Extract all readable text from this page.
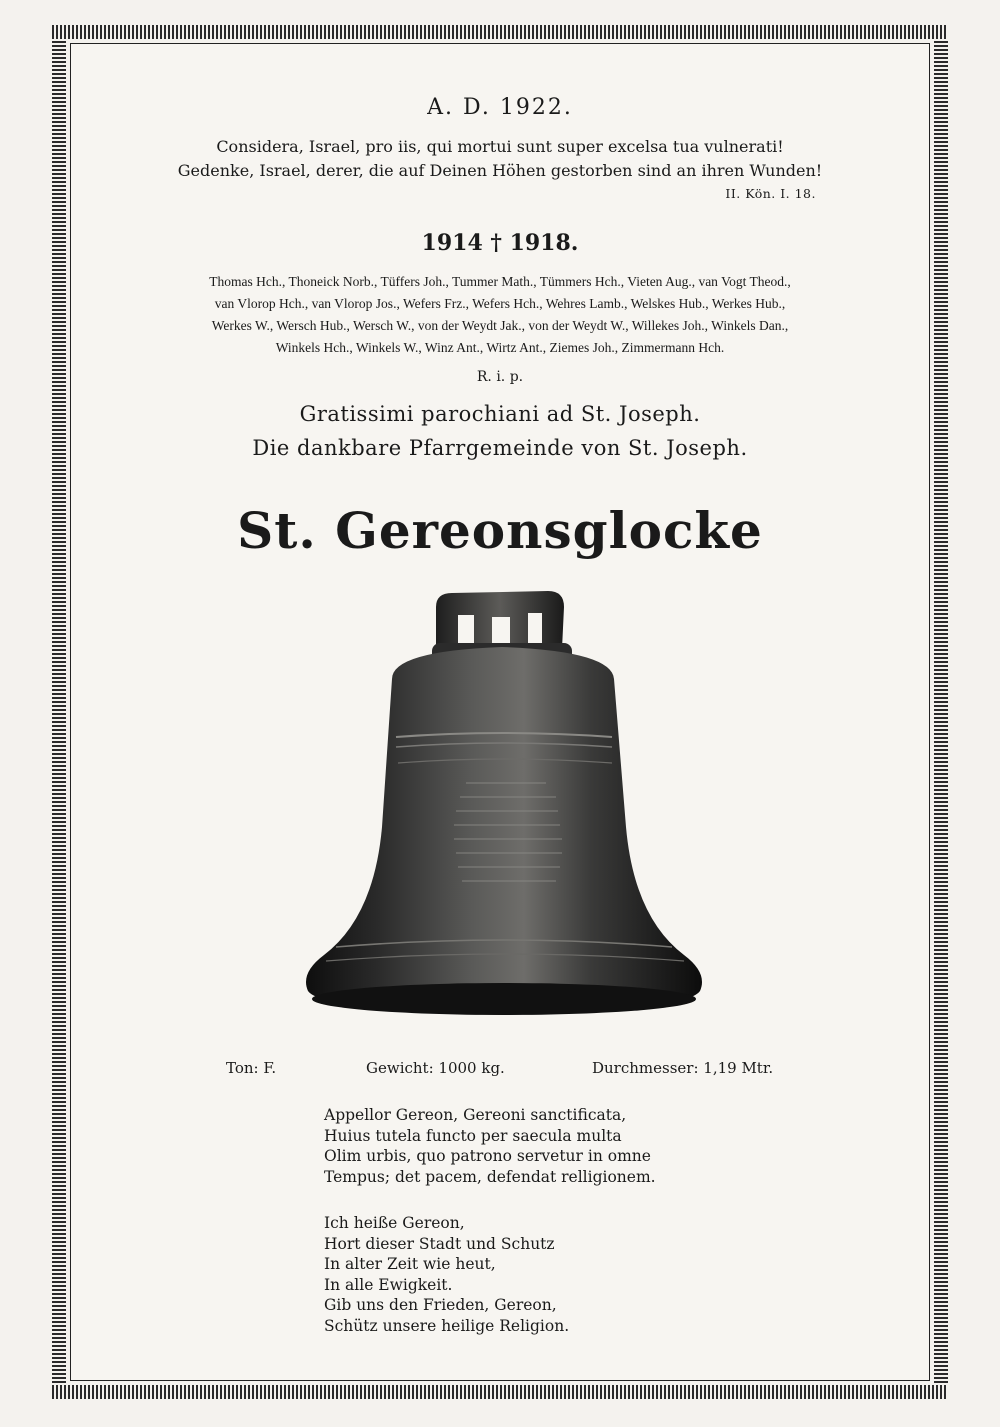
A. D. 1922.
Considera, Israel, pro iis, qui mortui sunt super excelsa tua vulnerati!
Gedenke, Israel, derer, die auf Deinen Höhen gestorben sind an ihren Wunden!
II. Kön. I. 18.
1914 † 1918.
Thomas Hch., Thoneick Norb., Tüffers Joh., Tummer Math., Tümmers Hch., Vieten Aug., van Vogt Theod.,
van Vlorop Hch., van Vlorop Jos., Wefers Frz., Wefers Hch., Wehres Lamb., Welskes Hub., Werkes Hub.,
Werkes W., Wersch Hub., Wersch W., von der Weydt Jak., von der Weydt W., Willekes Joh., Winkels Dan.,
Winkels Hch., Winkels W., Winz Ant., Wirtz Ant., Ziemes Joh., Zimmermann Hch.
R. i. p.
Gratissimi parochiani ad St. Joseph.
Die dankbare Pfarrgemeinde von St. Joseph.
St. Gereonsglocke
Ton: F.	Gewicht: 1000 kg.	Durchmesser: 1,19 Mtr.
Appellor Gereon, Gereoni sanctificata,
Huius tutela functo per saecula multa
Olim urbis, quo patrono servetur in omne
Tempus; det pacem, defendat relligionem.
Ich heiße Gereon,
Hort dieser Stadt und Schutz
In alter Zeit wie heut,
In alle Ewigkeit.
Gib uns den Frieden, Gereon,
Schütz unsere heilige Religion.
